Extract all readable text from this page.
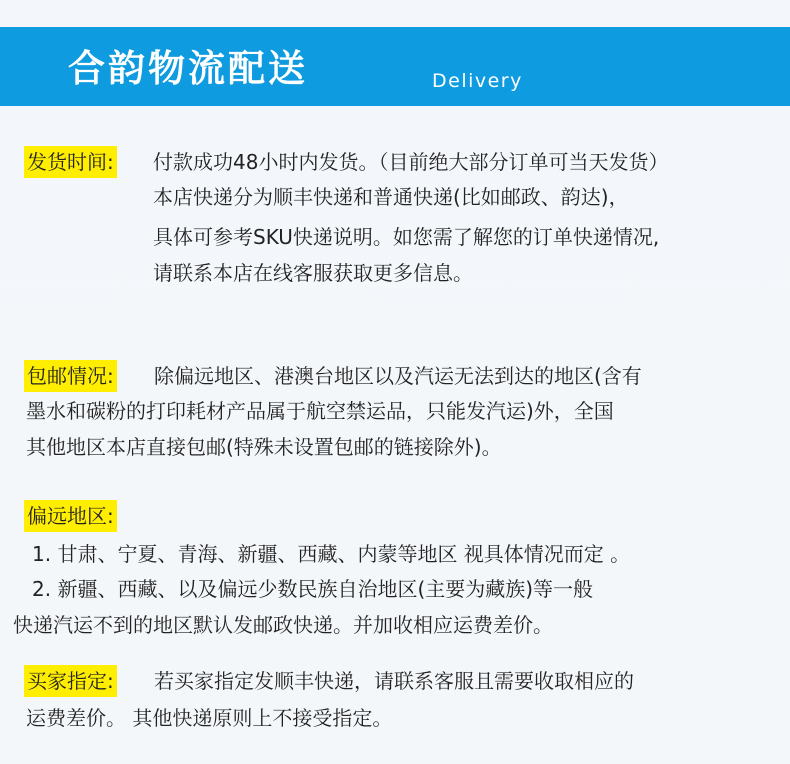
合韵物流配送	Delivery
发货时间: 付款成功48小时内发货。（目前绝大部分订单可当天发货）
本店快递分为顺丰快递和普通快递(比如邮政、韵达)，
具体可参考SKU快递说明。如您需了解您的订单快递情况,
请联系本店在线客服获取更多信息。
包邮情况: 除偏远地区、港澳台地区以及汽运无法到达的地区(含有
墨水和碳粉的打印耗材产品属于航空禁运品，只能发汽运)外，全国
其他地区本店直接包邮(特殊未设置包邮的链接除外)。
偏远地区:
1. 甘肃、宁夏、青海、新疆、西藏、内蒙等地区 视具体情况而定 。
2. 新疆、西藏、以及偏远少数民族自治地区(主要为藏族)等一般
快递汽运不到的地区默认发邮政快递。并加收相应运费差价。
买家指定: 若买家指定发顺丰快递，请联系客服且需要收取相应的
运费差价。 其他快递原则上不接受指定。
